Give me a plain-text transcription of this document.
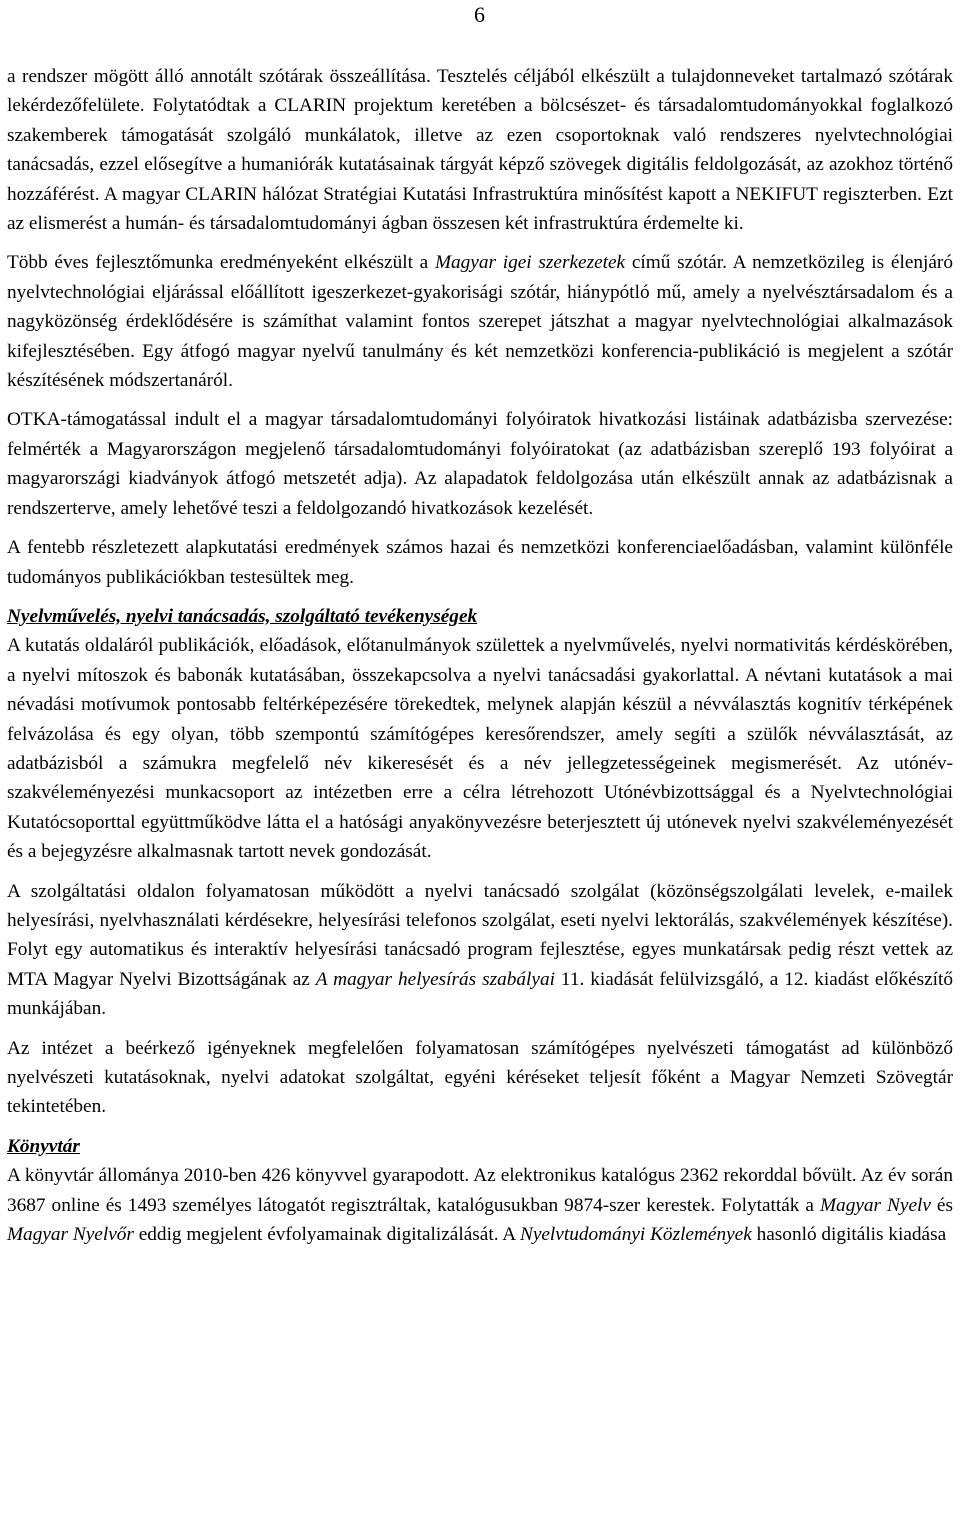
6

a rendszer mögött álló annotált szótárak összeállítása. Tesztelés céljából elkészült a tulajdonneveket tartalmazó szótárak lekérdezőfelülete. Folytatódtak a CLARIN projektum keretében a bölcsészet- és társadalomtudományokkal foglalkozó szakemberek támogatását szolgáló munkálatok, illetve az ezen csoportoknak való rendszeres nyelvtechnológiai tanácsadás, ezzel elősegítve a humaniórák kutatásainak tárgyát képző szövegek digitális feldolgozását, az azokhoz történő hozzáférést. A magyar CLARIN hálózat Stratégiai Kutatási Infrastruktúra minősítést kapott a NEKIFUT regiszterben. Ezt az elismerést a humán- és társadalomtudományi ágban összesen két infrastruktúra érdemelte ki.

Több éves fejlesztőmunka eredményeként elkészült a Magyar igei szerkezetek című szótár. A nemzetközileg is élenjáró nyelvtechnológiai eljárással előállított igeszerkezet-gyakorisági szótár, hiánypótló mű, amely a nyelvésztársadalom és a nagyközönség érdeklődésére is számíthat valamint fontos szerepet játszhat a magyar nyelvtechnológiai alkalmazások kifejlesztésében. Egy átfogó magyar nyelvű tanulmány és két nemzetközi konferencia-publikáció is megjelent a szótár készítésének módszertanáról.

OTKA-támogatással indult el a magyar társadalomtudományi folyóiratok hivatkozási listáinak adatbázisba szervezése: felmérték a Magyarországon megjelenő társadalomtudományi folyóiratokat (az adatbázisban szereplő 193 folyóirat a magyarországi kiadványok átfogó metszetét adja). Az alapadatok feldolgozása után elkészült annak az adatbázisnak a rendszerterve, amely lehetővé teszi a feldolgozandó hivatkozások kezelését.

A fentebb részletezett alapkutatási eredmények számos hazai és nemzetközi konferenciaelőadásban, valamint különféle tudományos publikációkban testesültek meg.

Nyelvművelés, nyelvi tanácsadás, szolgáltató tevékenységek

A kutatás oldaláról publikációk, előadások, előtanulmányok születtek a nyelvművelés, nyelvi normativitás kérdéskörében, a nyelvi mítoszok és babonák kutatásában, összekapcsolva a nyelvi tanácsadási gyakorlattal. A névtani kutatások a mai névadási motívumok pontosabb feltérképezésére törekedtek, melynek alapján készül a névválasztás kognitív térképének felvázolása és egy olyan, több szempontú számítógépes keresőrendszer, amely segíti a szülők névválasztását, az adatbázisból a számukra megfelelő név kikeresését és a név jellegzetességeinek megismerését. Az utónév-szakvéleményezési munkacsoport az intézetben erre a célra létrehozott Utónévbizottsággal és a Nyelvtechnológiai Kutatócsoporttal együttműködve látta el a hatósági anyakönyvezésre beterjesztett új utónevek nyelvi szakvéleményezését és a bejegyzésre alkalmasnak tartott nevek gondozását.

A szolgáltatási oldalon folyamatosan működött a nyelvi tanácsadó szolgálat (közönségszolgálati levelek, e-mailek helyesírási, nyelvhasználati kérdésekre, helyesírási telefonos szolgálat, eseti nyelvi lektorálás, szakvélemények készítése). Folyt egy automatikus és interaktív helyesírási tanácsadó program fejlesztése, egyes munkatársak pedig részt vettek az MTA Magyar Nyelvi Bizottságának az A magyar helyesírás szabályai 11. kiadását felülvizsgáló, a 12. kiadást előkészítő munkájában.

Az intézet a beérkező igényeknek megfelelően folyamatosan számítógépes nyelvészeti támogatást ad különböző nyelvészeti kutatásoknak, nyelvi adatokat szolgáltat, egyéni kéréseket teljesít főként a Magyar Nemzeti Szövegtár tekintetében.

Könyvtár

A könyvtár állománya 2010-ben 426 könyvvel gyarapodott. Az elektronikus katalógus 2362 rekorddal bővült. Az év során 3687 online és 1493 személyes látogatót regisztráltak, katalógusukban 9874-szer kerestek. Folytatták a Magyar Nyelv és Magyar Nyelvőr eddig megjelent évfolyamainak digitalizálását. A Nyelvtudományi Közlemények hasonló digitális kiadása
